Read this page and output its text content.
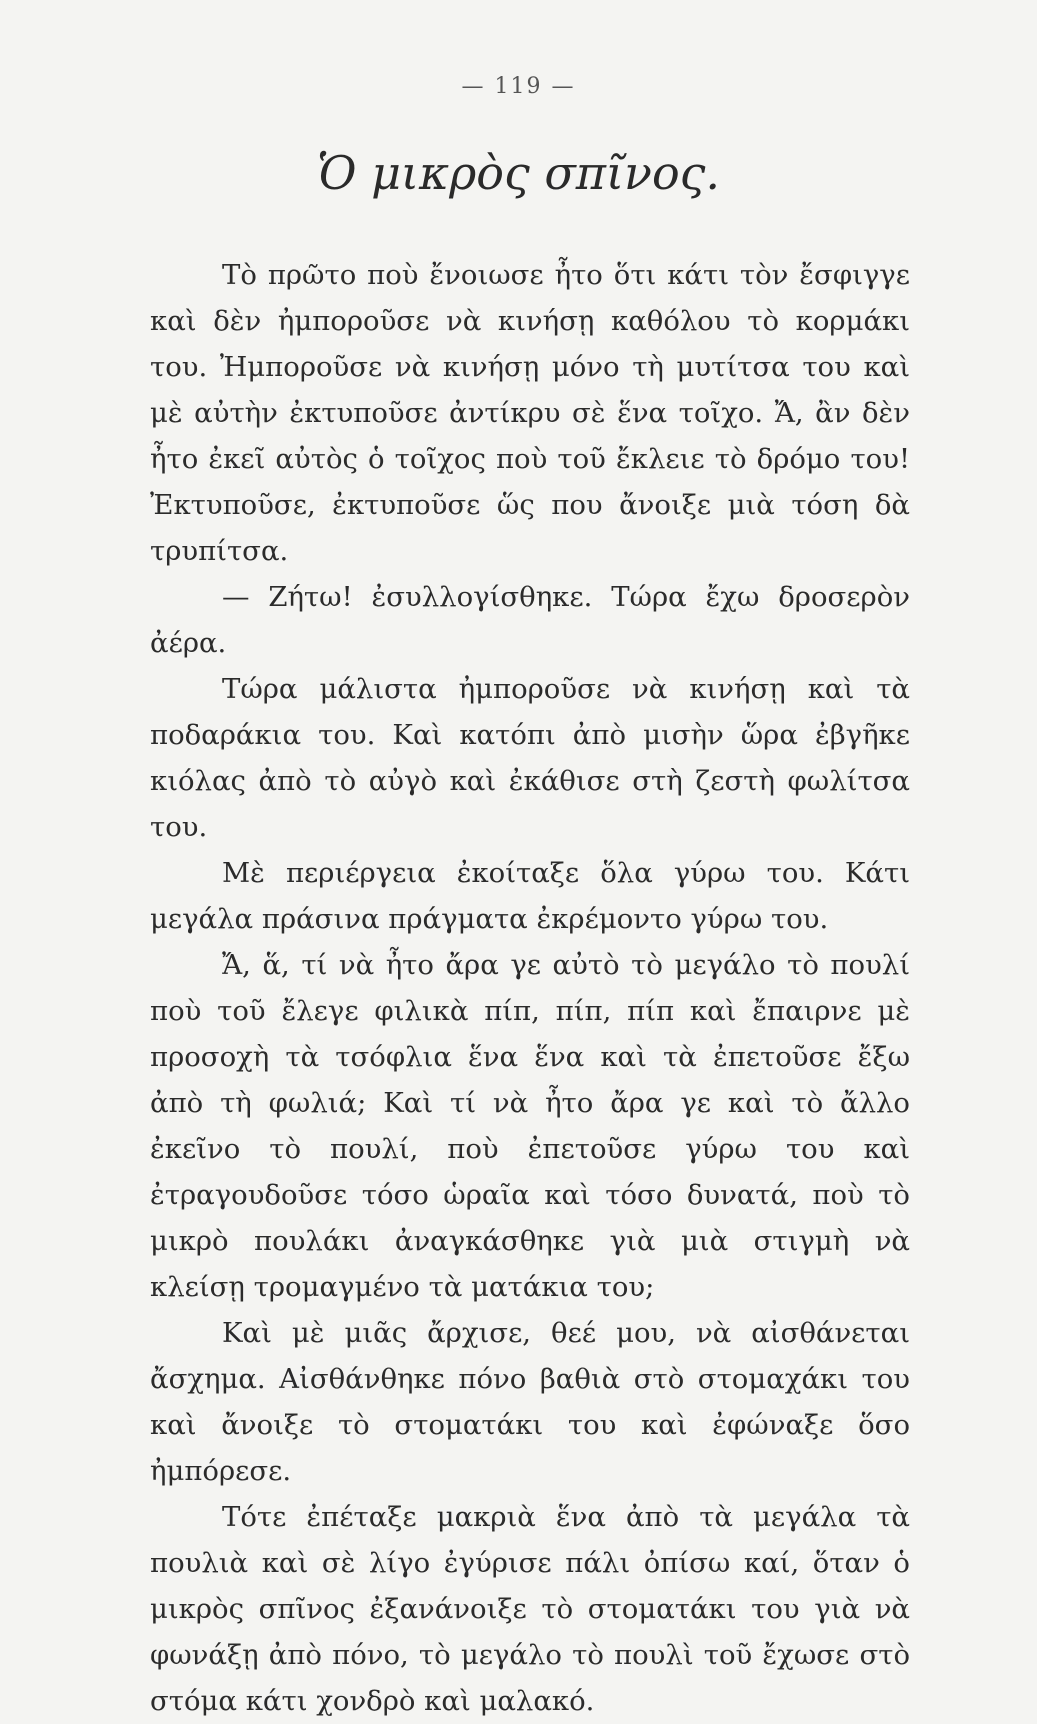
— 119 —
Ὁ μικρὸς σπῖνος.

Τὸ πρῶτο ποὺ ἔνοιωσε ἦτο ὅτι κάτι τὸν ἔσφιγγε καὶ δὲν ἠμποροῦσε νὰ κινήσῃ καθόλου τὸ κορμάκι του. Ἠμποροῦσε νὰ κινήσῃ μόνο τὴ μυτίτσα του καὶ μὲ αὐτὴν ἐκτυποῦσε ἀντίκρυ σὲ ἕνα τοῖχο. Ἄ, ἂν δὲν ἦτο ἐκεῖ αὐτὸς ὁ τοῖχος ποὺ τοῦ ἔκλειε τὸ δρόμο του! Ἐκτυποῦσε, ἐκτυποῦσε ὥς που ἄνοιξε μιὰ τόση δὰ τρυπίτσα.

— Ζήτω! ἐσυλλογίσθηκε. Τώρα ἔχω δροσερὸν ἀέρα.

Τώρα μάλιστα ἠμποροῦσε νὰ κινήσῃ καὶ τὰ ποδαράκια του. Καὶ κατόπι ἀπὸ μισὴν ὥρα ἐβγῆκε κιόλας ἀπὸ τὸ αὐγὸ καὶ ἐκάθισε στὴ ζεστὴ φωλίτσα του.

Μὲ περιέργεια ἐκοίταξε ὅλα γύρω του. Κάτι μεγάλα πράσινα πράγματα ἐκρέμοντο γύρω του.

Ἄ, ἅ, τί νὰ ἦτο ἄρα γε αὐτὸ τὸ μεγάλο τὸ πουλί ποὺ τοῦ ἔλεγε φιλικὰ πίπ, πίπ, πίπ καὶ ἔπαιρνε μὲ προσοχὴ τὰ τσόφλια ἕνα ἕνα καὶ τὰ ἐπετοῦσε ἔξω ἀπὸ τὴ φωλιά; Καὶ τί νὰ ἦτο ἄρα γε καὶ τὸ ἄλλο ἐκεῖνο τὸ πουλί, ποὺ ἐπετοῦσε γύρω του καὶ ἐτραγουδοῦσε τόσο ὡραῖα καὶ τόσο δυνατά, ποὺ τὸ μικρὸ πουλάκι ἀναγκάσθηκε γιὰ μιὰ στιγμὴ νὰ κλείσῃ τρομαγμένο τὰ ματάκια του;

Καὶ μὲ μιᾶς ἄρχισε, θεέ μου, νὰ αἰσθάνεται ἄσχημα. Αἰσθάνθηκε πόνο βαθιὰ στὸ στομαχάκι του καὶ ἄνοιξε τὸ στοματάκι του καὶ ἐφώναξε ὅσο ἠμπόρεσε.

Τότε ἐπέταξε μακριὰ ἕνα ἀπὸ τὰ μεγάλα τὰ πουλιὰ καὶ σὲ λίγο ἐγύρισε πάλι ὀπίσω καί, ὅταν ὁ μικρὸς σπῖνος ἐξανάνοιξε τὸ στοματάκι του γιὰ νὰ φωνάξῃ ἀπὸ πόνο, τὸ μεγάλο τὸ πουλὶ τοῦ ἔχωσε στὸ στόμα κάτι χονδρὸ καὶ μαλακό.
